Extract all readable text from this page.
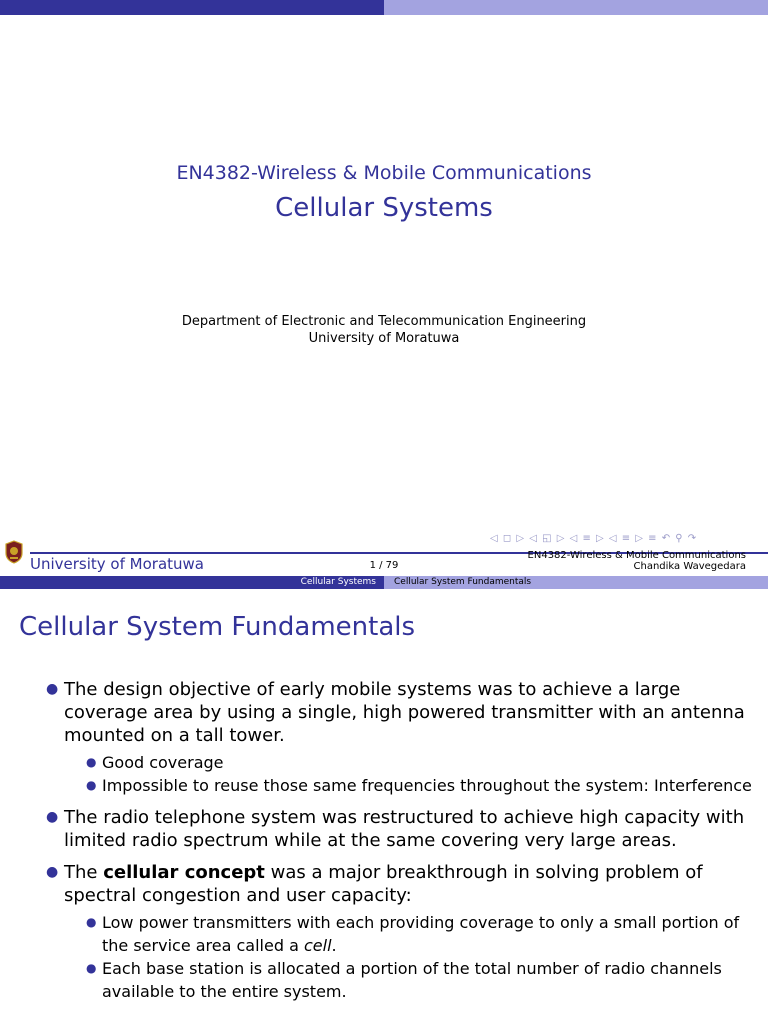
EN4382-Wireless & Mobile Communications
Cellular Systems
Department of Electronic and Telecommunication Engineering
University of Moratuwa
◁ ◻ ▷ ◁ ◱ ▷ ◁ ≡ ▷ ◁ ≡ ▷ ≡ ↶ ⚲ ↷
University of Moratuwa	1 / 79
EN4382-Wireless & Mobile Communications
Chandika Wavegedara
Cellular Systems Cellular System Fundamentals
Cellular System Fundamentals
● The design objective of early mobile systems was to achieve a large coverage area by using a single, high powered transmitter with an antenna mounted on a tall tower.
● Good coverage
● Impossible to reuse those same frequencies throughout the system: Interference
● The radio telephone system was restructured to achieve high capacity with limited radio spectrum while at the same covering very large areas.
● The cellular concept was a major breakthrough in solving problem of spectral congestion and user capacity:
● Low power transmitters with each providing coverage to only a small portion of the service area called a cell.
● Each base station is allocated a portion of the total number of radio channels available to the entire system.
